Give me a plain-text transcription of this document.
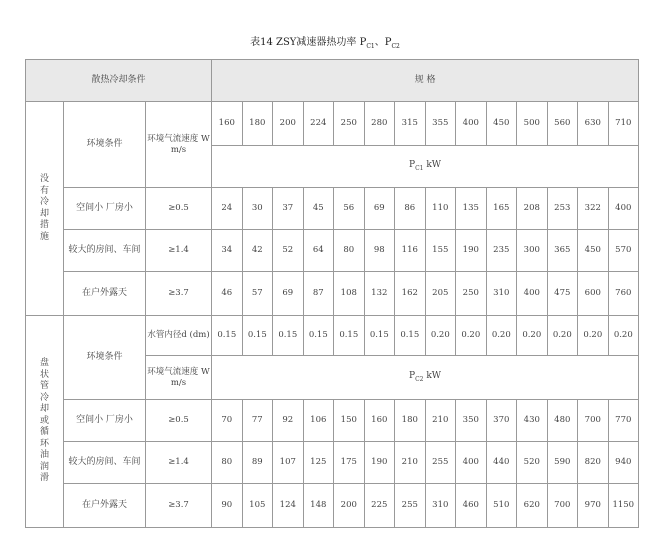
表14 ZSY减速器热功率 $P_{C1}$、$P_{C2}$
散热冷却条件			规 格													
没有冷却措施	环境条件	环境气流速度 W m/s	160	180	200	224	250	280	315	355	400	450	500	560	630	710
			$P_{C1}$ kW													
	空间小 厂房小	≥0.5	24	30	37	45	56	69	86	110	135	165	208	253	322	400
	较大的房间、车间	≥1.4	34	42	52	64	80	98	116	155	190	235	300	365	450	570
	在户外露天	≥3.7	46	57	69	87	108	132	162	205	250	310	400	475	600	760
盘状管冷却或循环油润滑	环境条件	水管内径d (dm)	0.15	0.15	0.15	0.15	0.15	0.15	0.15	0.20	0.20	0.20	0.20	0.20	0.20	0.20
		环境气流速度 W m/s	$P_{C2}$ kW													
	空间小 厂房小	≥0.5	70	77	92	106	150	160	180	210	350	370	430	480	700	770
	较大的房间、车间	≥1.4	80	89	107	125	175	190	210	255	400	440	520	590	820	940
	在户外露天	≥3.7	90	105	124	148	200	225	255	310	460	510	620	700	970	1150
